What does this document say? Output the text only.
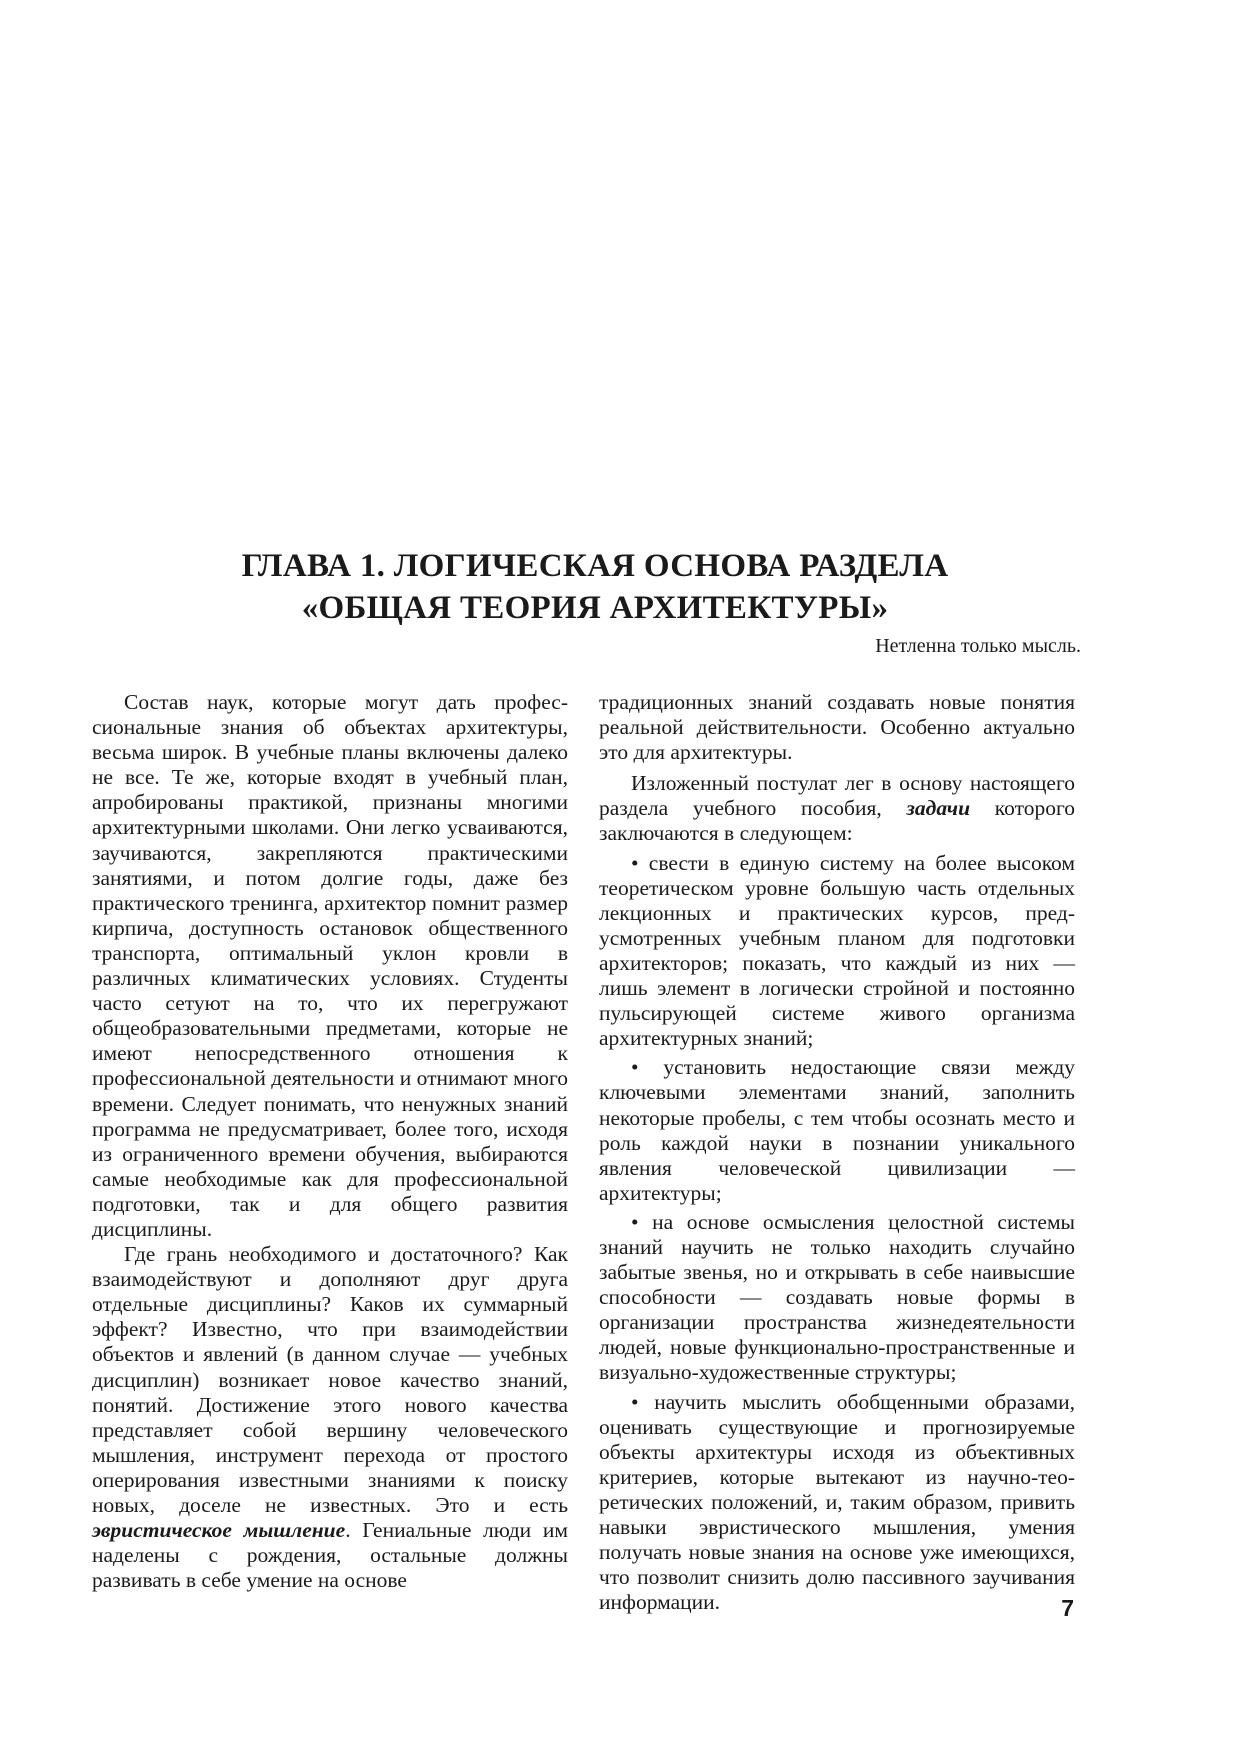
ГЛАВА 1. ЛОГИЧЕСКАЯ ОСНОВА РАЗДЕЛА
«ОБЩАЯ ТЕОРИЯ АРХИТЕКТУРЫ»
Нетленна только мысль.

Состав наук, которые могут дать профессиональные знания об объектах архитектуры, весьма широк. В учебные планы включены далеко не все. Те же, которые входят в учебный план, апробированы практикой, признаны многими архитектурными школами. Они легко усваиваются, заучиваются, закрепляются практическими занятиями, и потом долгие годы, даже без практического тренинга, архитектор помнит размер кирпича, доступность остановок общественного транспорта, оптимальный уклон кровли в различных климатических условиях. Студенты часто сетуют на то, что их перегружают общеобразовательными предметами, которые не имеют непосредственного отношения к профессиональной деятельности и отнимают много времени. Следует понимать, что ненужных знаний программа не предусматривает, более того, исходя из ограниченного времени обучения, выбираются самые необходимые как для профессиональной подготовки, так и для общего развития дисциплины.

Где грань необходимого и достаточного? Как взаимодействуют и дополняют друг друга отдельные дисциплины? Каков их суммарный эффект? Известно, что при взаимодействии объектов и явлений (в данном случае — учебных дисциплин) возникает новое качество знаний, понятий. Достижение этого нового качества представляет собой вершину человеческого мышления, инструмент перехода от простого оперирования известными знаниями к поиску новых, доселе не известных. Это и есть эвристическое мышление. Гениальные люди им наделены с рождения, остальные должны развивать в себе умение на основе

традиционных знаний создавать новые понятия реальной действительности. Особенно актуально это для архитектуры.

Изложенный постулат лег в основу настоящего раздела учебного пособия, задачи которого заключаются в следующем:

• свести в единую систему на более высоком теоретическом уровне большую часть отдельных лекционных и практических курсов, предусмотренных учебным планом для подготовки архитекторов; показать, что каждый из них — лишь элемент в логически стройной и постоянно пульсирующей системе живого организма архитектурных знаний;

• установить недостающие связи между ключевыми элементами знаний, заполнить некоторые пробелы, с тем чтобы осознать место и роль каждой науки в познании уникального явления человеческой цивилизации — архитектуры;

• на основе осмысления целостной системы знаний научить не только находить случайно забытые звенья, но и открывать в себе наивысшие способности — создавать новые формы в организации пространства жизнедеятельности людей, новые функционально-пространственные и визуально-художественные структуры;

• научить мыслить обобщенными образами, оценивать существующие и прогнозируемые объекты архитектуры исходя из объективных критериев, которые вытекают из научно-теоретических положений, и, таким образом, привить навыки эвристического мышления, умения получать новые знания на основе уже имеющихся, что позволит снизить долю пассивного заучивания информации.	7
